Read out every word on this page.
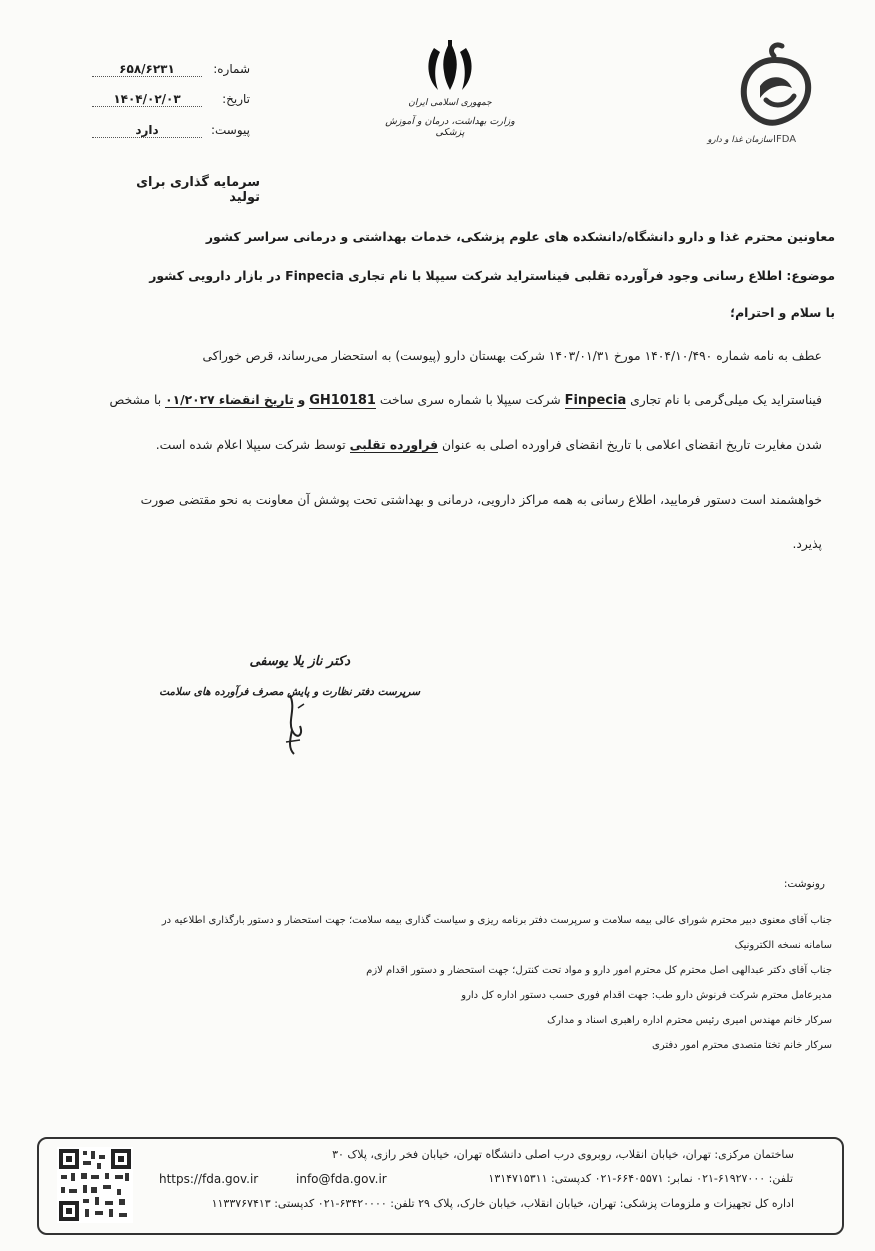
شماره:
۶۵۸/۶۲۳۱
تاریخ:
۱۴۰۴/۰۲/۰۳
پیوست:
دارد
جمهوری اسلامی ایران
وزارت بهداشت، درمان و آموزش پزشکی
سازمان غذا و دارو IFDA
سرمایه گذاری برای تولید
معاونین محترم غذا و دارو دانشگاه/دانشکده های علوم پزشکی، خدمات بهداشتی و درمانی سراسر کشور
موضوع: اطلاع رسانی وجود فرآورده تقلبی فیناستراید شرکت سیپلا با نام تجاری Finpecia در بازار دارویی کشور
با سلام و احترام؛
عطف به نامه شماره ۱۴۰۴/۱۰/۴۹۰ مورخ ۱۴۰۳/۰۱/۳۱ شرکت بهستان دارو (پیوست) به استحضار می‌رساند، قرص خوراکی
فیناستراید یک میلی‌گرمی با نام تجاری Finpecia شرکت سیپلا با شماره سری ساخت GH10181 و تاریخ انقضاء ۰۱/۲۰۲۷ با مشخص
شدن مغایرت تاریخ انقضای اعلامی با تاریخ انقضای فراورده اصلی به عنوان فراورده تقلبی توسط شرکت سیپلا اعلام شده است.
خواهشمند است دستور فرمایید، اطلاع رسانی به همه مراکز دارویی، درمانی و بهداشتی تحت پوشش آن معاونت به نحو مقتضی صورت
پذیرد.
دکتر ناز یلا یوسفی
سرپرست دفتر نظارت و پایش مصرف فرآورده های سلامت
رونوشت:
جناب آقای معنوی دبیر محترم شورای عالی بیمه سلامت و سرپرست دفتر برنامه ریزی و سیاست گذاری بیمه سلامت؛ جهت استحضار و دستور بارگذاری اطلاعیه در
سامانه نسخه الکترونیک
جناب آقای دکتر عبدالهی اصل محترم کل محترم امور دارو و مواد تحت کنترل؛ جهت استحضار و دستور اقدام لازم
مدیرعامل محترم شرکت فرنوش دارو طب: جهت اقدام فوری حسب دستور اداره کل دارو
سرکار خانم مهندس امیری رئیس محترم اداره راهبری اسناد و مدارک
سرکار خانم تختا متصدی محترم امور دفتری
ساختمان مرکزی: تهران، خیابان انقلاب، روبروی درب اصلی دانشگاه تهران، خیابان فخر رازی، پلاک ۳۰
https://fda.gov.ir	info@fda.gov.ir	تلفن: ۶۱۹۲۷۰۰۰-۰۲۱ نمابر: ۶۶۴۰۵۵۷۱-۰۲۱ کدپستی: ۱۳۱۴۷۱۵۳۱۱
اداره کل تجهیزات و ملزومات پزشکی: تهران، خیابان انقلاب، خیابان خارک، پلاک ۲۹ تلفن: ۶۳۴۲۰۰۰۰-۰۲۱ کدپستی: ۱۱۳۳۷۶۷۴۱۳
